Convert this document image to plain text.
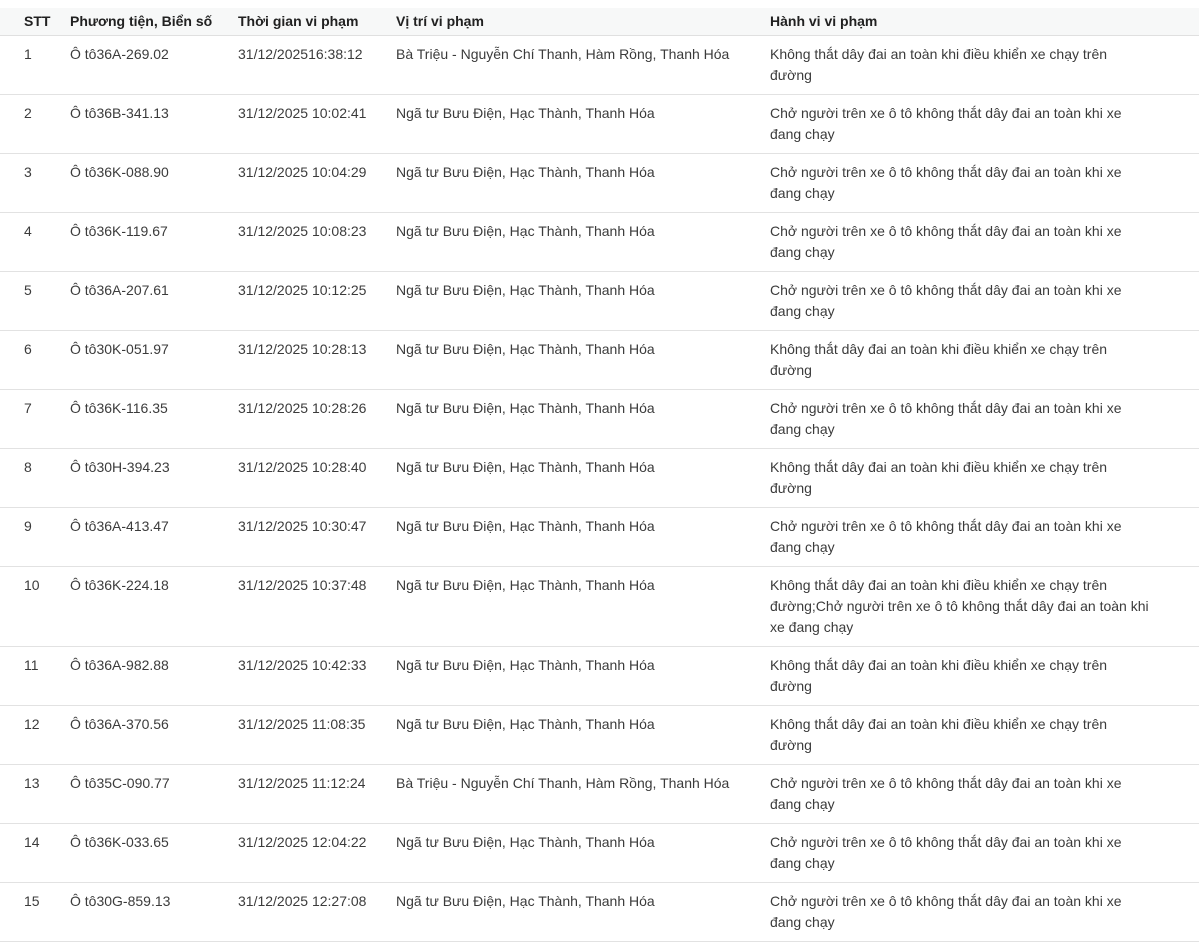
STT	Phương tiện, Biển số	Thời gian vi phạm	Vị trí vi phạm	Hành vi vi phạm
1	Ô tô36A-269.02	31/12/202516:38:12	Bà Triệu - Nguyễn Chí Thanh, Hàm Rồng, Thanh Hóa	Không thắt dây đai an toàn khi điều khiển xe chạy trên đường
2	Ô tô36B-341.13	31/12/2025 10:02:41	Ngã tư Bưu Điện, Hạc Thành, Thanh Hóa	Chở người trên xe ô tô không thắt dây đai an toàn khi xe đang chạy
3	Ô tô36K-088.90	31/12/2025 10:04:29	Ngã tư Bưu Điện, Hạc Thành, Thanh Hóa	Chở người trên xe ô tô không thắt dây đai an toàn khi xe đang chạy
4	Ô tô36K-119.67	31/12/2025 10:08:23	Ngã tư Bưu Điện, Hạc Thành, Thanh Hóa	Chở người trên xe ô tô không thắt dây đai an toàn khi xe đang chạy
5	Ô tô36A-207.61	31/12/2025 10:12:25	Ngã tư Bưu Điện, Hạc Thành, Thanh Hóa	Chở người trên xe ô tô không thắt dây đai an toàn khi xe đang chạy
6	Ô tô30K-051.97	31/12/2025 10:28:13	Ngã tư Bưu Điện, Hạc Thành, Thanh Hóa	Không thắt dây đai an toàn khi điều khiển xe chạy trên đường
7	Ô tô36K-116.35	31/12/2025 10:28:26	Ngã tư Bưu Điện, Hạc Thành, Thanh Hóa	Chở người trên xe ô tô không thắt dây đai an toàn khi xe đang chạy
8	Ô tô30H-394.23	31/12/2025 10:28:40	Ngã tư Bưu Điện, Hạc Thành, Thanh Hóa	Không thắt dây đai an toàn khi điều khiển xe chạy trên đường
9	Ô tô36A-413.47	31/12/2025 10:30:47	Ngã tư Bưu Điện, Hạc Thành, Thanh Hóa	Chở người trên xe ô tô không thắt dây đai an toàn khi xe đang chạy
10	Ô tô36K-224.18	31/12/2025 10:37:48	Ngã tư Bưu Điện, Hạc Thành, Thanh Hóa	Không thắt dây đai an toàn khi điều khiển xe chạy trên đường;Chở người trên xe ô tô không thắt dây đai an toàn khi xe đang chạy
11	Ô tô36A-982.88	31/12/2025 10:42:33	Ngã tư Bưu Điện, Hạc Thành, Thanh Hóa	Không thắt dây đai an toàn khi điều khiển xe chạy trên đường
12	Ô tô36A-370.56	31/12/2025 11:08:35	Ngã tư Bưu Điện, Hạc Thành, Thanh Hóa	Không thắt dây đai an toàn khi điều khiển xe chạy trên đường
13	Ô tô35C-090.77	31/12/2025 11:12:24	Bà Triệu - Nguyễn Chí Thanh, Hàm Rồng, Thanh Hóa	Chở người trên xe ô tô không thắt dây đai an toàn khi xe đang chạy
14	Ô tô36K-033.65	31/12/2025 12:04:22	Ngã tư Bưu Điện, Hạc Thành, Thanh Hóa	Chở người trên xe ô tô không thắt dây đai an toàn khi xe đang chạy
15	Ô tô30G-859.13	31/12/2025 12:27:08	Ngã tư Bưu Điện, Hạc Thành, Thanh Hóa	Chở người trên xe ô tô không thắt dây đai an toàn khi xe đang chạy
